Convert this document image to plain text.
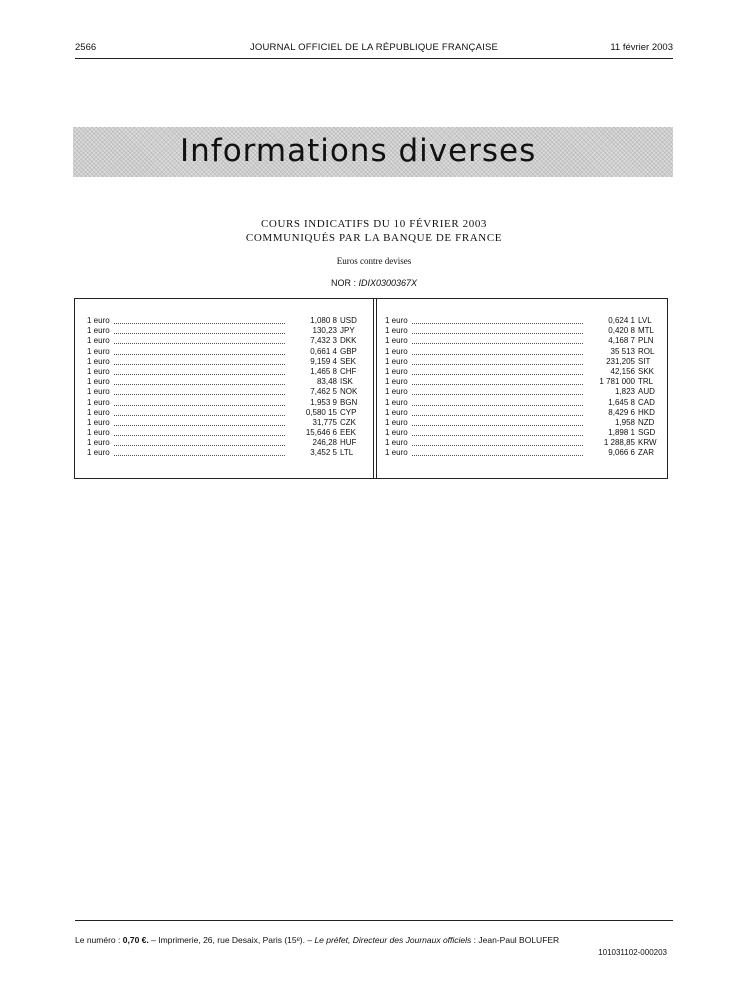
2566	JOURNAL OFFICIEL DE LA RÉPUBLIQUE FRANÇAISE	11 février 2003
Informations diverses
COURS INDICATIFS DU 10 FÉVRIER 2003
COMMUNIQUÉS PAR LA BANQUE DE FRANCE
Euros contre devises
NOR : IDIX0300367X
1 euro	1,080 8 USD
1 euro	130,23 JPY
1 euro	7,432 3 DKK
1 euro	0,661 4 GBP
1 euro	9,159 4 SEK
1 euro	1,465 8 CHF
1 euro	83,48 ISK
1 euro	7,462 5 NOK
1 euro	1,953 9 BGN
1 euro	0,580 15 CYP
1 euro	31,775 CZK
1 euro	15,646 6 EEK
1 euro	246,28 HUF
1 euro	3,452 5 LTL
1 euro	0,624 1 LVL
1 euro	0,420 8 MTL
1 euro	4,168 7 PLN
1 euro	35 513 ROL
1 euro	231,205 SIT
1 euro	42,156 SKK
1 euro	1 781 000 TRL
1 euro	1,823 AUD
1 euro	1,645 8 CAD
1 euro	8,429 6 HKD
1 euro	1,958 NZD
1 euro	1,898 1 SGD
1 euro	1 288,85 KRW
1 euro	9,066 6 ZAR
Le numéro : 0,70 €. – Imprimerie, 26, rue Desaix, Paris (15ᵉ). – Le préfet, Directeur des Journaux officiels : Jean-Paul BOLUFER
101031102-000203
